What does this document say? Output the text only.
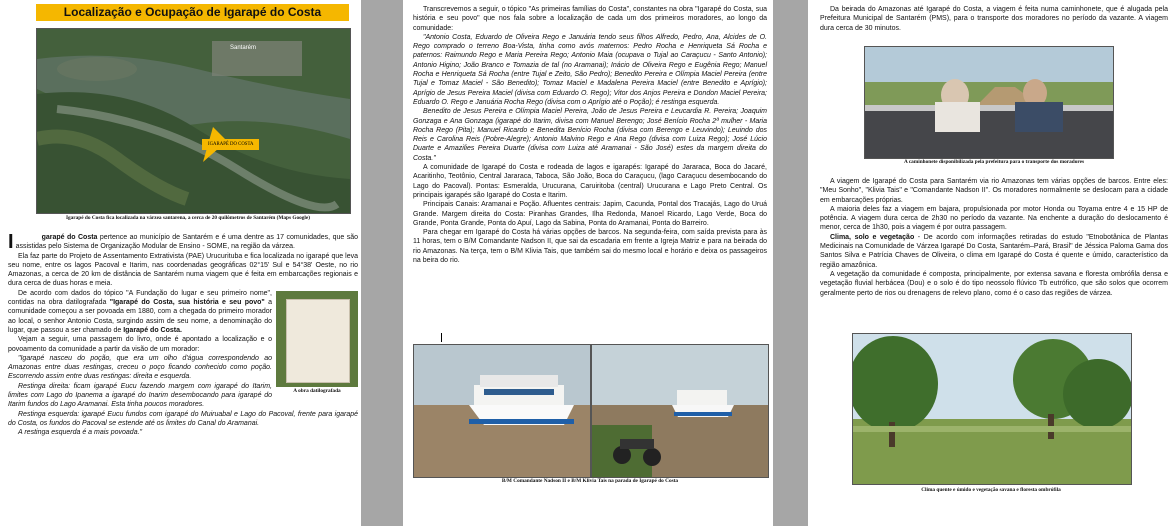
Localização e Ocupação de Igarapé do Costa
Santarém
IGARAPÉ DO COSTA
Igarapé do Costa fica localizada na várzea santarena, a cerca de 20 quilômetros de Santarém (Maps Google)

I	garapé do Costa pertence ao município de Santarém e é uma dentre as 17 comunidades, que são assistidas pelo Sistema de Organização Modular de Ensino - SOME, na região da várzea.

Ela faz parte do Projeto de Assentamento Extrativista (PAE) Urucurituba e fica localizada no igarapé que leva seu nome, entre os lagos Pacoval e Itarim, nas coordenadas geográficas 02°15' Sul e 54°38' Oeste, no rio Amazonas, a cerca de 20 km de distância de Santarém numa viagem que é feita em embarcações regionais e dura cerca de duas horas e meia.

A obra datilografada

De acordo com dados do tópico "A Fundação do lugar e seu primeiro nome", contidas na obra datilografada "Igarapé do Costa, sua história e seu povo" a comunidade começou a ser povoada em 1880, com a chegada do primeiro morador ao local, o senhor Antonio Costa, surgindo assim de seu nome, a denominação do lugar, que passou a ser chamado de Igarapé do Costa.

Vejam a seguir, uma passagem do livro, onde é apontado a localização e o povoamento da comunidade a partir da visão de um morador:

"Igarapé nasceu do poção, que era um olho d'água correspondendo ao Amazonas entre duas restingas, creceu o poço ficando conhecido como poção. Escorrendo assim entre duas restingas: direita e esquerda.

Restinga direita: ficam igarapé Eucu fazendo margem com igarapé do Itarim, limites com Lago do Ipanema a igarapé do Inarim desembocando para igarapé do Itarim fundos do Lago Aramanai. Esta tinha poucos moradores.

Restinga esquerda: igarapé Eucu fundos com igarapé do Muiruabal e Lago do Pacoval, frente para igarapé do Costa, os fundos do Pacoval se estende até os limites do Canal do Aramanai.

A restinga esquerda é a mais povoada."

Transcrevemos a seguir, o tópico "As primeiras famílias do Costa", constantes na obra "Igarapé do Costa, sua história e seu povo" que nos fala sobre a localização de cada um dos primeiros moradores, ao longo da comunidade:

"Antonio Costa, Eduardo de Oliveira Rego e Januária tendo seus filhos Alfredo, Pedro, Ana, Alcides de O. Rego comprado o terreno Boa-Vista, tinha como avós maternos: Pedro Rocha e Henriqueta Sá Rocha e paternos: Raimundo Rego e Maria Pereira Rego; Antonio Maia (ocupava o Tujal ao Caraçucu - Santo Antonio); Antonio Higino; João Branco e Tomazia de tal (no Aramanai); Inácio de Oliveira Rego e Eugênia Rego; Manuel Rocha e Henriqueta Sá Rocha (entre Tujal e Zeito, São Pedro); Benedito Pereira e Olímpia Maciel Pereira (entre Tujal e Tomaz Maciel - São Benedito); Tomaz Maciel e Madalena Pereira Maciel (entre Benedito e Aprígio); Aprígio de Jesus Pereira Maciel (divisa com Eduardo O. Rego); Vitor dos Anjos Pereira e Dondon Maciel Pereira; Eduardo O. Rego e Januária Rocha Rego (divisa com o Aprígio até o Poção); é restinga esquerda.

Benedito de Jesus Pereira e Olímpia Maciel Pereira, João de Jesus Pereira e Leucardia R. Pereira; Joaquim Gonzaga e Ana Gonzaga (igarapé do Itarim, divisa com Manuel Berengo; José Benício Rocha 2ª mulher - Maria Rocha Rego (Pita); Manuel Ricardo e Benedita Benício Rocha (divisa com Berengo e Leuvindo); Leuindo dos Reis e Carolina Reis (Pobre-Alegre); Antonio Malvino Rego e Ana Rego (divisa com Luiza Rego); José Lúcio Duarte e Amazilies Pereira Duarte (divisa com Luiza até Aramanai - São José) estes da margem direita do Costa."

A comunidade de Igarapé do Costa e rodeada de lagos e igarapés: Igarapé do Jararaca, Boca do Jacaré, Acaritinho, Teotônio, Central Jararaca, Taboca, São João, Boca do Caraçucu, (lago Caraçucu desembocando do Lago do Pacoval). Pontas: Esmeralda, Urucurana, Caruiritoba (central) Urucurana e Lago Preto Central. Os principais igarapés são Igarapé do Costa e Itarim.

Principais Canais: Aramanai e Poção. Afluentes centrais: Japim, Cacunda, Pontal dos Tracajás, Lago do Uruá Grande. Margem direita do Costa: Piranhas Grandes, Ilha Redonda, Manoel Ricardo, Lago Verde, Boca do Grande, Ponta Grande, Ponta do Apuí, Lago da Sabina, Ponta do Aramanai, Ponta do Barreiro.

Para chegar em Igarapé do Costa há várias opções de barcos. Na segunda-feira, com saída prevista para às 11 horas, tem o B/M Comandante Nadson II, que sai da escadaria em frente a Igreja Matriz e para na beirada do rio Amazonas. Na terça, tem o B/M Klivia Tais, que também sai do mesmo local e horário e deixa os passageiros na beira do rio.

B/M Comandante Nadson II e B/M Klivia Tais na parada de Igarapé do Costa

Da beirada do Amazonas até Igarapé do Costa, a viagem é feita numa caminhonete, que é alugada pela Prefeitura Municipal de Santarém (PMS), para o transporte dos moradores no período da vazante. A viagem dura cerca de 30 minutos.

A caminhonete disponibilizada pela prefeitura para o transporte dos moradores

A viagem de Igarapé do Costa para Santarém via rio Amazonas tem várias opções de barcos. Entre eles: "Meu Sonho", "Klivia Tais" e "Comandante Nadson II". Os moradores normalmente se deslocam para a cidade em embarcações próprias.

A maioria deles faz a viagem em bajara, propulsionada por motor Honda ou Toyama entre 4 e 15 HP de potência. A viagem dura cerca de 2h30 no período da vazante. Na enchente a duração do deslocamento é menor, cerca de 1h30, pois a viagem é por outra passagem.

Clima, solo e vegetação - De acordo com informações retiradas do estudo "Etnobotânica de Plantas Medicinais na Comunidade de Várzea Igarapé Do Costa, Santarém–Pará, Brasil" de Jéssica Paloma Gama dos Santos Silva e Patrícia Chaves de Oliveira, o clima em Igarapé do Costa é quente e úmido, característico da região amazônica.

A vegetação da comunidade é composta, principalmente, por extensa savana e floresta ombrófila densa e vegetação fluvial herbácea (Dou) e o solo é do tipo neossolo flúvico Tb eutrófico, que são solos que ocorrem geralmente perto de rios ou drenagens de relevo plano, como é o caso das regiões de várzea.

Clima quente e úmido e vegetação savana e floresta ombrófila
